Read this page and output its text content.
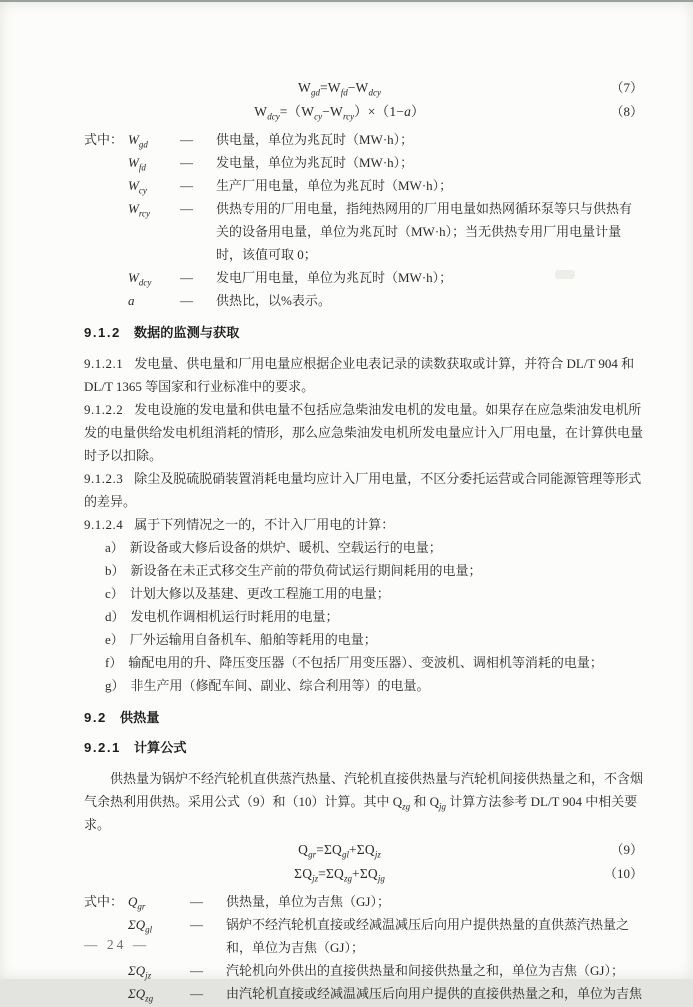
$W_{gd}=W_{fd}-W_{dcy}$	（7）
$W_{dcy}=(W_{cy}-W_{rcy})\times(1-a)$	（8）
式中： $W_{gd}$	—	供电量，单位为兆瓦时（MW·h）；
$W_{fd}$	—	发电量，单位为兆瓦时（MW·h）；
$W_{cy}$	—	生产厂用电量，单位为兆瓦时（MW·h）；
$W_{rcy}$	—	供热专用的厂用电量，指纯热网用的厂用电量如热网循环泵等只与供热有关的设备用电量，单位为兆瓦时（MW·h）；当无供热专用厂用电量计量时，该值可取 0；
$W_{dcy}$	—	发电厂用电量，单位为兆瓦时（MW·h）；
a	—	供热比，以%表示。
9.1.2 数据的监测与获取

9.1.2.1 发电量、供电量和厂用电量应根据企业电表记录的读数获取或计算，并符合 DL/T 904 和 DL/T 1365 等国家和行业标准中的要求。

9.1.2.2 发电设施的发电量和供电量不包括应急柴油发电机的发电量。如果存在应急柴油发电机所发的电量供给发电机组消耗的情形，那么应急柴油发电机所发电量应计入厂用电量，在计算供电量时予以扣除。

9.1.2.3 除尘及脱硫脱硝装置消耗电量均应计入厂用电量，不区分委托运营或合同能源管理等形式的差异。

9.1.2.4 属于下列情况之一的，不计入厂用电的计算：

a） 新设备或大修后设备的烘炉、暖机、空载运行的电量；
b） 新设备在未正式移交生产前的带负荷试运行期间耗用的电量；
c） 计划大修以及基建、更改工程施工用的电量；
d） 发电机作调相机运行时耗用的电量；
e） 厂外运输用自备机车、船舶等耗用的电量；
f） 输配电用的升、降压变压器（不包括厂用变压器）、变波机、调相机等消耗的电量；
g） 非生产用（修配车间、副业、综合利用等）的电量。
9.2 供热量
9.2.1 计算公式

供热量为锅炉不经汽轮机直供蒸汽热量、汽轮机直接供热量与汽轮机间接供热量之和，不含烟气余热利用供热。采用公式（9）和（10）计算。其中 $Q_{zg}$ 和 $Q_{jg}$ 计算方法参考 DL/T 904 中相关要求。

$Q_{gr}=\Sigma Q_{gl}+\Sigma Q_{jz}$	（9）
$\Sigma Q_{jz}=\Sigma Q_{zg}+\Sigma Q_{jg}$	（10）
式中： $Q_{gr}$	—	供热量，单位为吉焦（GJ）；
$\Sigma Q_{gl}$	—	锅炉不经汽轮机直接或经减温减压后向用户提供热量的直供蒸汽热量之和，单位为吉焦（GJ）；
$\Sigma Q_{jz}$	—	汽轮机向外供出的直接供热量和间接供热量之和，单位为吉焦（GJ）；
$\Sigma Q_{zg}$	—	由汽轮机直接或经减温减压后向用户提供的直接供热量之和，单位为吉焦
— 24 —
